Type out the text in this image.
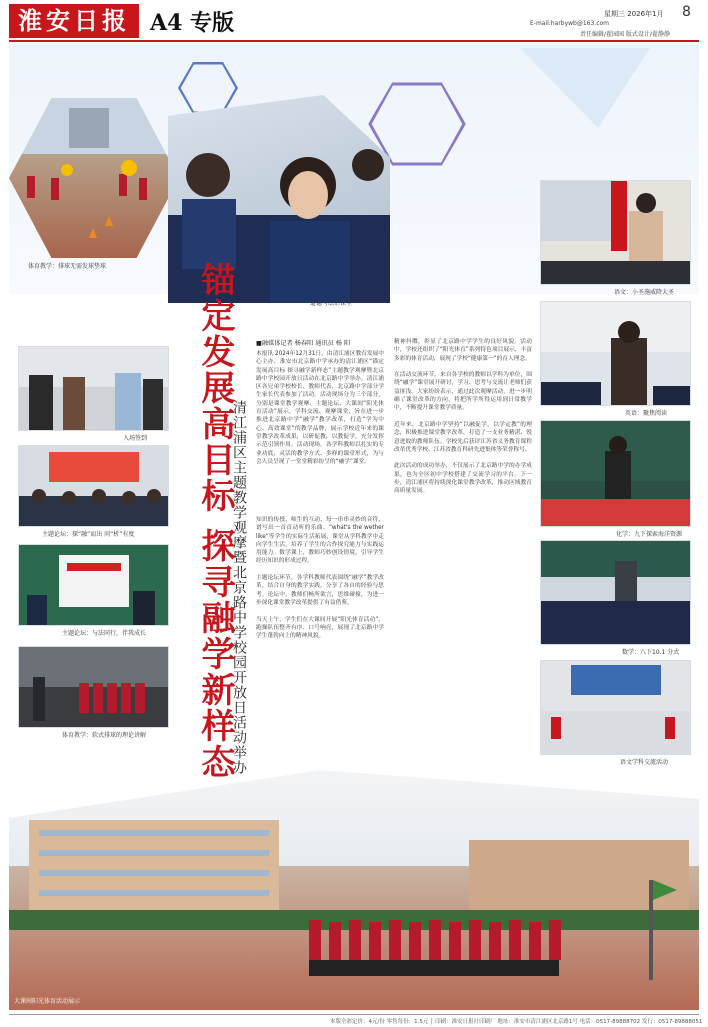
淮安日报 A4 专版	星期三 2026年1月 8
E-mail:harbywb@163.com
责任编辑/翟园园 版式设计/翟静静
体育教学：排球无需发球垫球
道德与法治课堂
入场签到
主题论坛：探“融”而出 问“析”有度
主题论坛：与法同行，伴我成长
体育教学：软式排球的理论讲解 锚定发展高目标 探寻融学新样态
清江浦区主题教学观摩暨北京路中学校园开放日活动举办
■融媒体记者 杨春阳 通讯员 杨 阳
本报讯 2024年12月31日，由清江浦区教育发展中心主办，淮安市北京路中学承办的清江浦区“锚定发展高目标 探寻融学新样态”主题教学观摩暨北京路中学校园开放日活动在北京路中学举办。清江浦区各兄弟学校校长、教师代表，北京路中学部分学生家长代表参加了活动。活动现场分为三个部分，分别是课堂教学观摩、主题论坛、大课间“阳光体育活动”展示。学科交流、观摩课堂，旨在进一步推进北京路中学“融学”教学改革，打造“学为中心、高效课堂”的教学品牌，展示学校近年来的课堂教学改革成果，以研促教，以教促学，充分发挥示范引领作用。活动现场，各学科教师以扎实的专业功底、灵活的教学方式、多样的课堂形式，为与会人员呈现了一堂堂精彩纷呈的“融学”课堂。
知识的传授、师生的互动、每一串串灵妙的音符，谱写出一首首动听的乐曲。“what's the wether like”等学生的实际生活拓展，课堂从学科教学中走向学生生活，培养了学生的合作探究能力与实践运用能力。数学课上，教师巧妙创设情境，引导学生经历知识的形成过程。

主题论坛环节，各学科教师代表围绕“融学”教学改革，结合自身的教学实践，分享了各自的经验与思考。论坛中，教师们畅所欲言，思维碰撞，为进一步深化课堂教学改革提供了有益借鉴。

当天上午，学生们在大课间开展“阳光体育活动”，跑操队伍整齐有序、口号响亮，展现了北京路中学学生蓬勃向上的精神风貌。
精神抖擞，彰显了北京路中学学生的良好风貌。活动中，学校还组织了“阳光体育”系列特色项目展示，丰富多彩的体育活动，展现了学校“健康第一”的育人理念。

在活动交流环节，来自各学校的教师以学科为单位，围绕“融学”课堂展开研讨，学习、思考与交流让老师们获益匪浅。大家纷纷表示，通过此次观摩活动，进一步明确了课堂改革的方向，将把所学所得运用到日常教学中，不断提升课堂教学质量。

近年来，北京路中学坚持“以融促学，以学定教”的理念，积极推进课堂教学改革，打造了一支业务精湛、锐意进取的教师队伍。学校先后获评江苏省义务教育课程改革优秀学校、江苏省教育科研先进集体等荣誉称号。

此次活动的成功举办，不仅展示了北京路中学的办学成果，也为全区初中学校搭建了交流学习的平台。下一步，清江浦区将持续深化课堂教学改革，推动区域教育高质量发展。
语文：小圣施威降大圣
英语：聚焦阅读
化学：九下探索海洋资源
数学：八下10.1 分式
语文学科交流活动
大课间阳光体育活动展示
本版全彩定价：4元/份 零售每份：1.5元 │ 印刷：淮安日报社印刷厂 地址：淮安市清江浦区北京路1号 电话：0517-89888702 发行：0517-89888051
